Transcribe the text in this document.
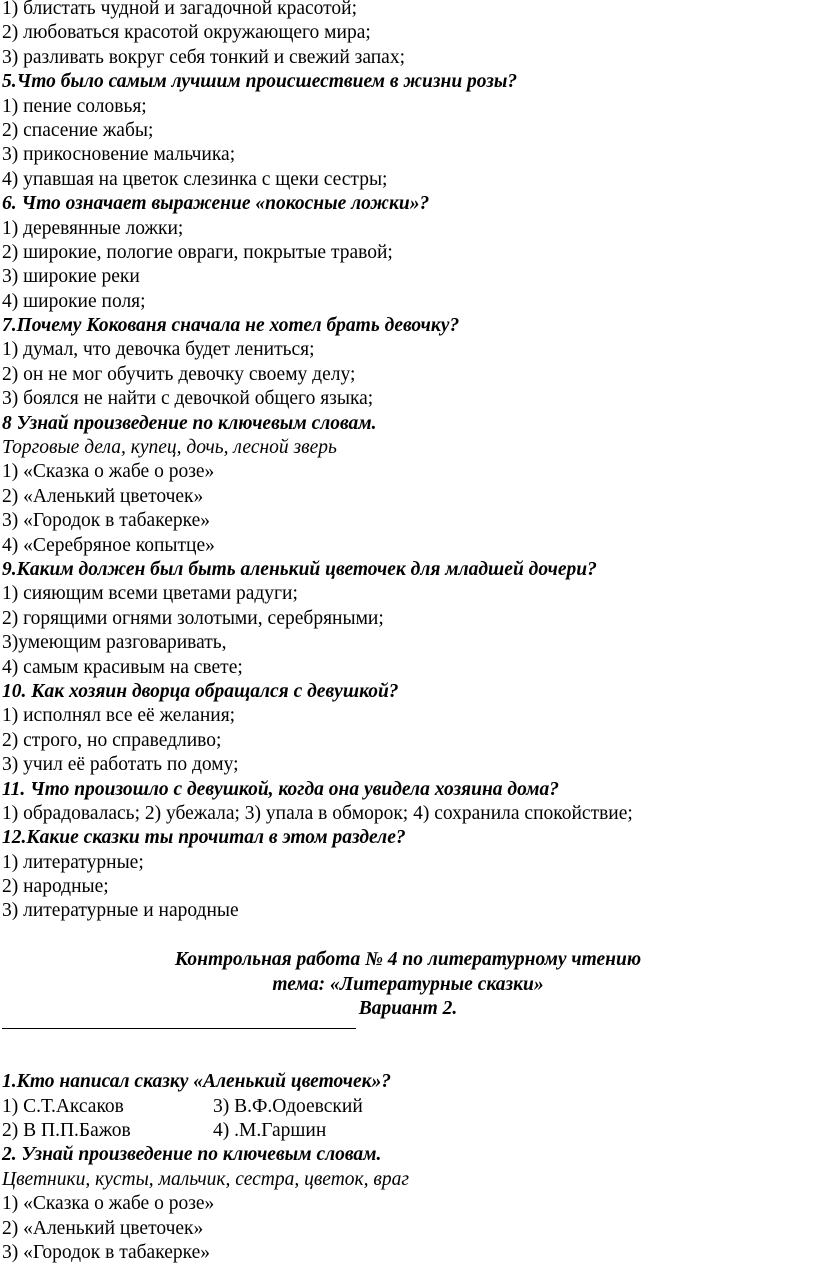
1) блистать чудной и загадочной красотой;
2) любоваться красотой окружающего мира;
3) разливать вокруг себя тонкий и свежий запах;
5.Что было самым лучшим происшествием в жизни розы?
1) пение соловья;
2) спасение жабы;
3) прикосновение мальчика;
4) упавшая на цветок слезинка с щеки сестры;
6. Что означает выражение «покосные ложки»?
1) деревянные ложки;
2) широкие, пологие овраги, покрытые травой;
3) широкие реки
4) широкие поля;
7.Почему Кокованя сначала не хотел брать девочку?
1) думал, что девочка будет лениться;
2) он не мог обучить девочку своему делу;
3) боялся не найти с девочкой общего языка;
8 Узнай произведение по ключевым словам.
Торговые дела, купец, дочь, лесной зверь
1) «Сказка о жабе о розе»
2) «Аленький цветочек»
3) «Городок в табакерке»
4) «Серебряное копытце»
9.Каким должен был быть аленький цветочек для младшей дочери?
1) сияющим всеми цветами радуги;
2) горящими огнями золотыми, серебряными;
3)умеющим разговаривать,
4) самым красивым на свете;
10. Как хозяин дворца обращался с девушкой?
1) исполнял все её желания;
2) строго, но справедливо;
3) учил её работать по дому;
11. Что произошло с девушкой, когда она увидела хозяина дома?
1) обрадовалась; 2) убежала; 3) упала в обморок; 4) сохранила спокойствие;
12.Какие сказки ты прочитал в этом разделе?
1) литературные;
2) народные;
3) литературные и народные
Контрольная работа № 4 по литературному чтению
тема: «Литературные сказки»
Вариант 2.
1.Кто написал сказку «Аленький цветочек»?
1) С.Т.Аксаков	3) В.Ф.Одоевский
2) В П.П.Бажов	4) .М.Гаршин
2. Узнай произведение по ключевым словам.
Цветники, кусты, мальчик, сестра, цветок, враг
1) «Сказка о жабе о розе»
2) «Аленький цветочек»
3) «Городок в табакерке»
